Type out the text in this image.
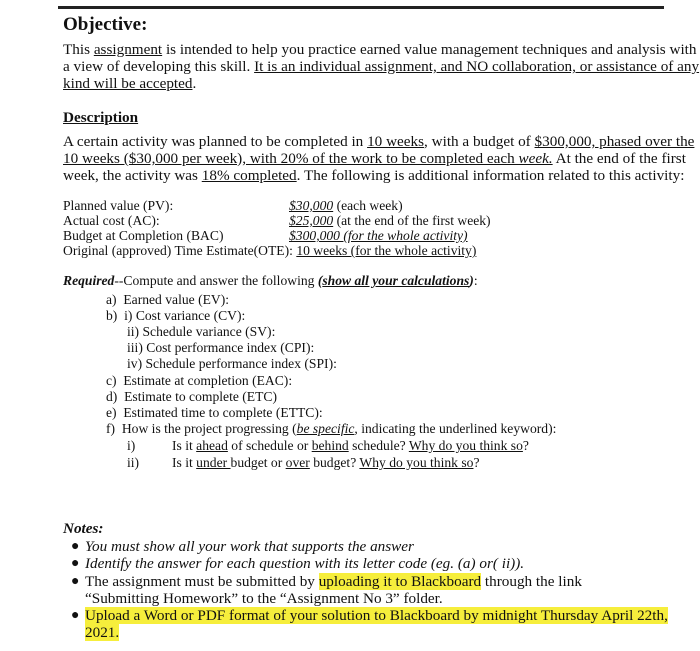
Objective:
This assignment is intended to help you practice earned value management techniques and analysis with
a view of developing this skill. It is an individual assignment, and NO collaboration, or assistance of any
kind will be accepted.
Description
A certain activity was planned to be completed in 10 weeks, with a budget of $300,000, phased over the
10 weeks ($30,000 per week), with 20% of the work to be completed each week. At the end of the first
week, the activity was 18% completed. The following is additional information related to this activity:
Planned value (PV):	$30,000 (each week)
Actual cost (AC):	$25,000 (at the end of the first week)
Budget at Completion (BAC)	$300,000 (for the whole activity)
Original (approved) Time Estimate(OTE): 10 weeks (for the whole activity)
Required--Compute and answer the following (show all your calculations):
a)  Earned value (EV):
b)  i) Cost variance (CV):
ii) Schedule variance (SV):
iii) Cost performance index (CPI):
iv) Schedule performance index (SPI):
c)  Estimate at completion (EAC):
d)  Estimate to complete (ETC)
e)  Estimated time to complete (ETTC):
f)  How is the project progressing (be specific, indicating the underlined keyword):
i)	Is it ahead of schedule or behind schedule? Why do you think so?
ii) Is it under budget or over budget? Why do you think so?
Notes:
● You must show all your work that supports the answer
● Identify the answer for each question with its letter code (eg. (a) or( ii)).
● The assignment must be submitted by uploading it to Blackboard through the link
“Submitting Homework” to the “Assignment No 3” folder.
● Upload a Word or PDF format of your solution to Blackboard by midnight Thursday April 22th,
2021.
